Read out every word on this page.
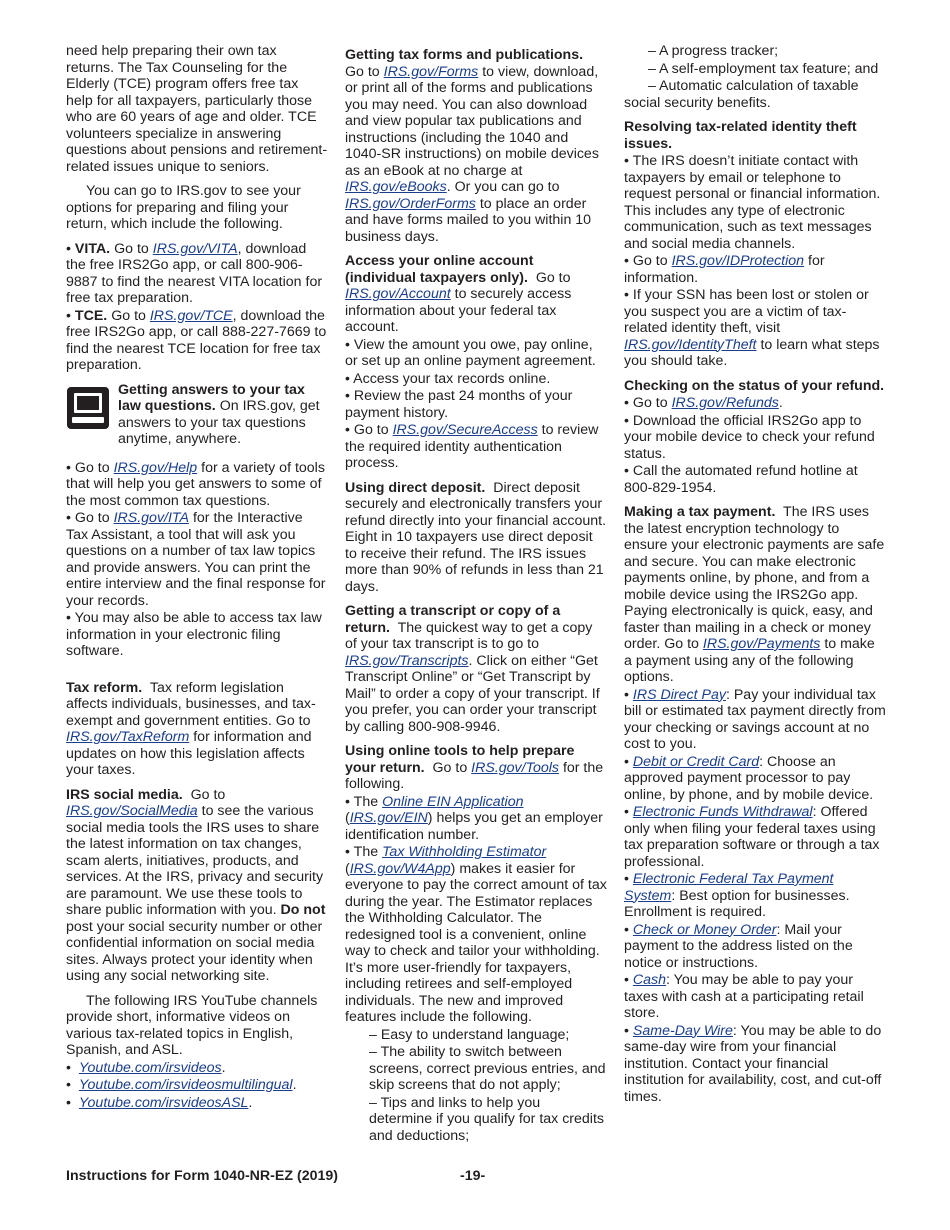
need help preparing their own tax returns. The Tax Counseling for the Elderly (TCE) program offers free tax help for all taxpayers, particularly those who are 60 years of age and older. TCE volunteers specialize in answering questions about pensions and retirement-related issues unique to seniors.

You can go to IRS.gov to see your options for preparing and filing your return, which include the following.

• VITA. Go to IRS.gov/VITA, download the free IRS2Go app, or call 800-906-9887 to find the nearest VITA location for free tax preparation.

• TCE. Go to IRS.gov/TCE, download the free IRS2Go app, or call 888-227-7669 to find the nearest TCE location for free tax preparation.

Getting answers to your tax law questions. On IRS.gov, get answers to your tax questions anytime, anywhere.

• Go to IRS.gov/Help for a variety of tools that will help you get answers to some of the most common tax questions.

• Go to IRS.gov/ITA for the Interactive Tax Assistant, a tool that will ask you questions on a number of tax law topics and provide answers. You can print the entire interview and the final response for your records.

• You may also be able to access tax law information in your electronic filing software.

Tax reform. Tax reform legislation affects individuals, businesses, and tax-exempt and government entities. Go to IRS.gov/TaxReform for information and updates on how this legislation affects your taxes.

IRS social media. Go to IRS.gov/SocialMedia to see the various social media tools the IRS uses to share the latest information on tax changes, scam alerts, initiatives, products, and services. At the IRS, privacy and security are paramount. We use these tools to share public information with you. Do not post your social security number or other confidential information on social media sites. Always protect your identity when using any social networking site.

The following IRS YouTube channels provide short, informative videos on various tax-related topics in English, Spanish, and ASL.

•  Youtube.com/irsvideos.

•  Youtube.com/irsvideosmultilingual.

•  Youtube.com/irsvideosASL.

Getting tax forms and publications.
Go to IRS.gov/Forms to view, download, or print all of the forms and publications you may need. You can also download and view popular tax publications and instructions (including the 1040 and 1040-SR instructions) on mobile devices as an eBook at no charge at IRS.gov/eBooks. Or you can go to IRS.gov/OrderForms to place an order and have forms mailed to you within 10 business days.

Access your online account (individual taxpayers only). Go to IRS.gov/Account to securely access information about your federal tax account.

• View the amount you owe, pay online, or set up an online payment agreement.

• Access your tax records online.

• Review the past 24 months of your payment history.

• Go to IRS.gov/SecureAccess to review the required identity authentication process.

Using direct deposit. Direct deposit securely and electronically transfers your refund directly into your financial account. Eight in 10 taxpayers use direct deposit to receive their refund. The IRS issues more than 90% of refunds in less than 21 days.

Getting a transcript or copy of a return. The quickest way to get a copy of your tax transcript is to go to IRS.gov/Transcripts. Click on either “Get Transcript Online” or “Get Transcript by Mail” to order a copy of your transcript. If you prefer, you can order your transcript by calling 800-908-9946.

Using online tools to help prepare your return. Go to IRS.gov/Tools for the following.

• The Online EIN Application (IRS.gov/EIN) helps you get an employer identification number.

• The Tax Withholding Estimator (IRS.gov/W4App) makes it easier for everyone to pay the correct amount of tax during the year. The Estimator replaces the Withholding Calculator. The redesigned tool is a convenient, online way to check and tailor your withholding. It’s more user-friendly for taxpayers, including retirees and self-employed individuals. The new and improved features include the following.

– Easy to understand language;

– The ability to switch between screens, correct previous entries, and skip screens that do not apply;

– Tips and links to help you determine if you qualify for tax credits and deductions;

– A progress tracker;

– A self-employment tax feature; and

– Automatic calculation of taxable social security benefits.

Resolving tax-related identity theft issues.

• The IRS doesn’t initiate contact with taxpayers by email or telephone to request personal or financial information. This includes any type of electronic communication, such as text messages and social media channels.

• Go to IRS.gov/IDProtection for information.

• If your SSN has been lost or stolen or you suspect you are a victim of tax-related identity theft, visit IRS.gov/IdentityTheft to learn what steps you should take.

Checking on the status of your refund.

• Go to IRS.gov/Refunds.

• Download the official IRS2Go app to your mobile device to check your refund status.

• Call the automated refund hotline at 800-829-1954.

Making a tax payment. The IRS uses the latest encryption technology to ensure your electronic payments are safe and secure. You can make electronic payments online, by phone, and from a mobile device using the IRS2Go app. Paying electronically is quick, easy, and faster than mailing in a check or money order. Go to IRS.gov/Payments to make a payment using any of the following options.

• IRS Direct Pay: Pay your individual tax bill or estimated tax payment directly from your checking or savings account at no cost to you.

• Debit or Credit Card: Choose an approved payment processor to pay online, by phone, and by mobile device.

• Electronic Funds Withdrawal: Offered only when filing your federal taxes using tax preparation software or through a tax professional.

• Electronic Federal Tax Payment System: Best option for businesses. Enrollment is required.

• Check or Money Order: Mail your payment to the address listed on the notice or instructions.

• Cash: You may be able to pay your taxes with cash at a participating retail store.

• Same-Day Wire: You may be able to do same-day wire from your financial institution. Contact your financial institution for availability, cost, and cut-off times.

Instructions for Form 1040-NR-EZ (2019)	-19-
